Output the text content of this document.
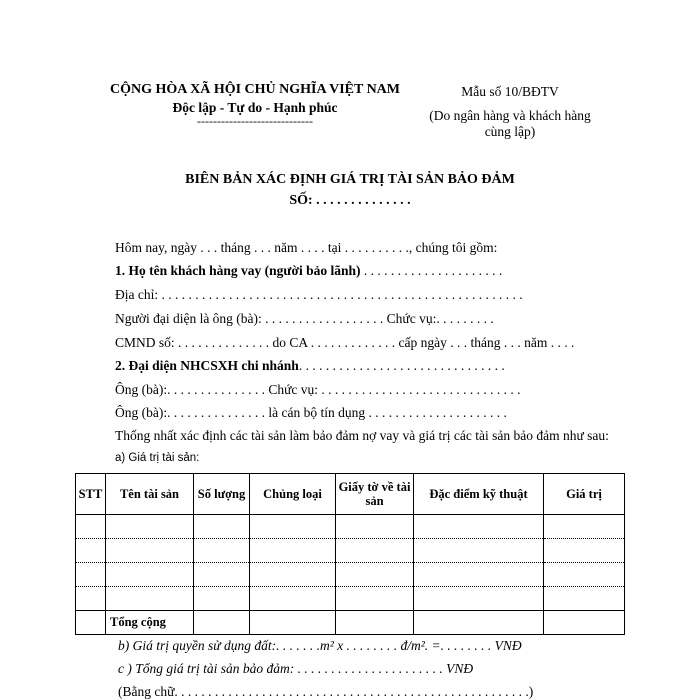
CỘNG HÒA XÃ HỘI CHỦ NGHĨA VIỆT NAM
Độc lập - Tự do - Hạnh phúc
-----------------------------
Mẫu số 10/BĐTV
(Do ngân hàng và khách hàng
cùng lập)
BIÊN BẢN XÁC ĐỊNH GIÁ TRỊ TÀI SẢN BẢO ĐẢM
SỐ: . . . . . . . . . . . . . .
Hôm nay, ngày . . . tháng . . . năm . . . . tại . . . . . . . . . ., chúng tôi gồm:
1. Họ tên khách hàng vay (người bảo lãnh) . . . . . . . . . . . . . . . . . . . . .
Địa chỉ: . . . . . . . . . . . . . . . . . . . . . . . . . . . . . . . . . . . . . . . . . . . . . . . . . . . . . .
Người đại diện là ông (bà): . . . . . . . . . . . . . . . . . . Chức vụ:. . . . . . . . .
CMND số: . . . . . . . . . . . . . . do CA . . . . . . . . . . . . . cấp ngày . . . tháng . . . năm . . . .
2. Đại diện NHCSXH chi nhánh. . . . . . . . . . . . . . . . . . . . . . . . . . . . . . .
Ông (bà):. . . . . . . . . . . . . . . Chức vụ: . . . . . . . . . . . . . . . . . . . . . . . . . . . . . .
Ông (bà):. . . . . . . . . . . . . . . là cán bộ tín dụng . . . . . . . . . . . . . . . . . . . . .
Thống nhất xác định các tài sản làm bảo đảm nợ vay và giá trị các tài sản bảo đảm như sau:
a) Giá trị tài sản:
STT	Tên tài sản	Số lượng	Chủng loại	Giấy tờ về tài sản	Đặc điểm kỹ thuật	Giá trị

	Tổng cộng					
b) Giá trị quyền sử dụng đất:. . . . . . .m² x . . . . . . . . đ/m². =. . . . . . . . VNĐ
c ) Tổng giá trị tài sản bảo đảm: . . . . . . . . . . . . . . . . . . . . . . VNĐ
(Bằng chữ. . . . . . . . . . . . . . . . . . . . . . . . . . . . . . . . . . . . . . . . . . . . . . . . . . . . .)
